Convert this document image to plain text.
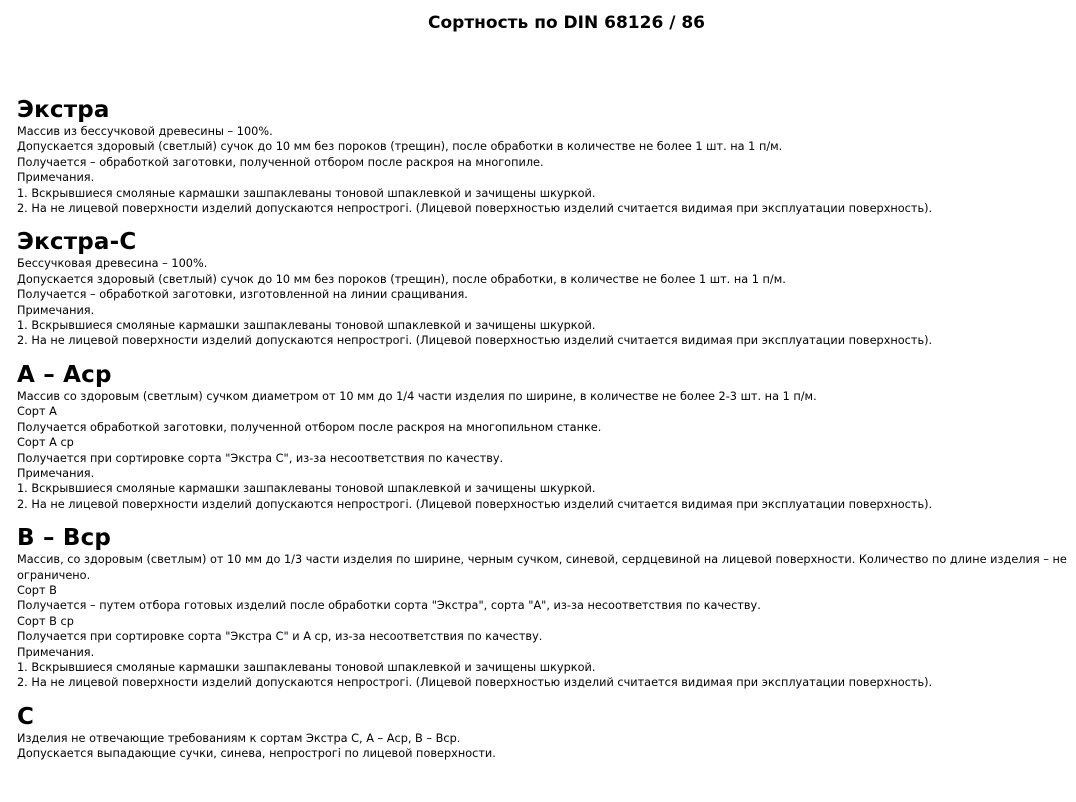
Сортность по DIN 68126 / 86
Экстра

Массив из бессучковой древесины – 100%.

Допускается здоровый (светлый) сучок до 10 мм без пороков (трещин), после обработки в количестве не более 1 шт. на 1 п/м.

Получается – обработкой заготовки, полученной отбором после раскроя на многопиле.

Примечания.

1. Вскрывшиеся смоляные кармашки зашпаклеваны тоновой шпаклевкой и зачищены шкуркой.

2. На не лицевой поверхности изделий допускаются непрострогi. (Лицевой поверхностью изделий считается видимая при эксплуатации поверхность).

Экстра-С

Бессучковая древесина – 100%.

Допускается здоровый (светлый) сучок до 10 мм без пороков (трещин), после обработки, в количестве не более 1 шт. на 1 п/м.

Получается – обработкой заготовки, изготовленной на линии сращивания.

Примечания.

1. Вскрывшиеся смоляные кармашки зашпаклеваны тоновой шпаклевкой и зачищены шкуркой.

2. На не лицевой поверхности изделий допускаются непрострогi. (Лицевой поверхностью изделий считается видимая при эксплуатации поверхность).

А – Аср

Массив со здоровым (светлым) сучком диаметром от 10 мм до 1/4 части изделия по ширине, в количестве не более 2-3 шт. на 1 п/м.

Сорт А

Получается обработкой заготовки, полученной отбором после раскроя на многопильном станке.

Сорт А ср

Получается при сортировке сорта "Экстра С", из-за несоответствия по качеству.

Примечания.

1. Вскрывшиеся смоляные кармашки зашпаклеваны тоновой шпаклевкой и зачищены шкуркой.

2. На не лицевой поверхности изделий допускаются непрострогi. (Лицевой поверхностью изделий считается видимая при эксплуатации поверхность).

В – Вср

Массив, со здоровым (светлым) от 10 мм до 1/3 части изделия по ширине, черным сучком, синевой, сердцевиной на лицевой поверхности. Количество по длине изделия – не ограничено.

Сорт В

Получается – путем отбора готовых изделий после обработки сорта "Экстра", сорта "А", из-за несоответствия по качеству.

Сорт В ср

Получается при сортировке сорта "Экстра С" и А ср, из-за несоответствия по качеству.

Примечания.

1. Вскрывшиеся смоляные кармашки зашпаклеваны тоновой шпаклевкой и зачищены шкуркой.

2. На не лицевой поверхности изделий допускаются непрострогi. (Лицевой поверхностью изделий считается видимая при эксплуатации поверхность).

С

Изделия не отвечающие требованиям к сортам Экстра С, А – Аср, В – Вср.

Допускается выпадающие сучки, синева, непрострогi по лицевой поверхности.
